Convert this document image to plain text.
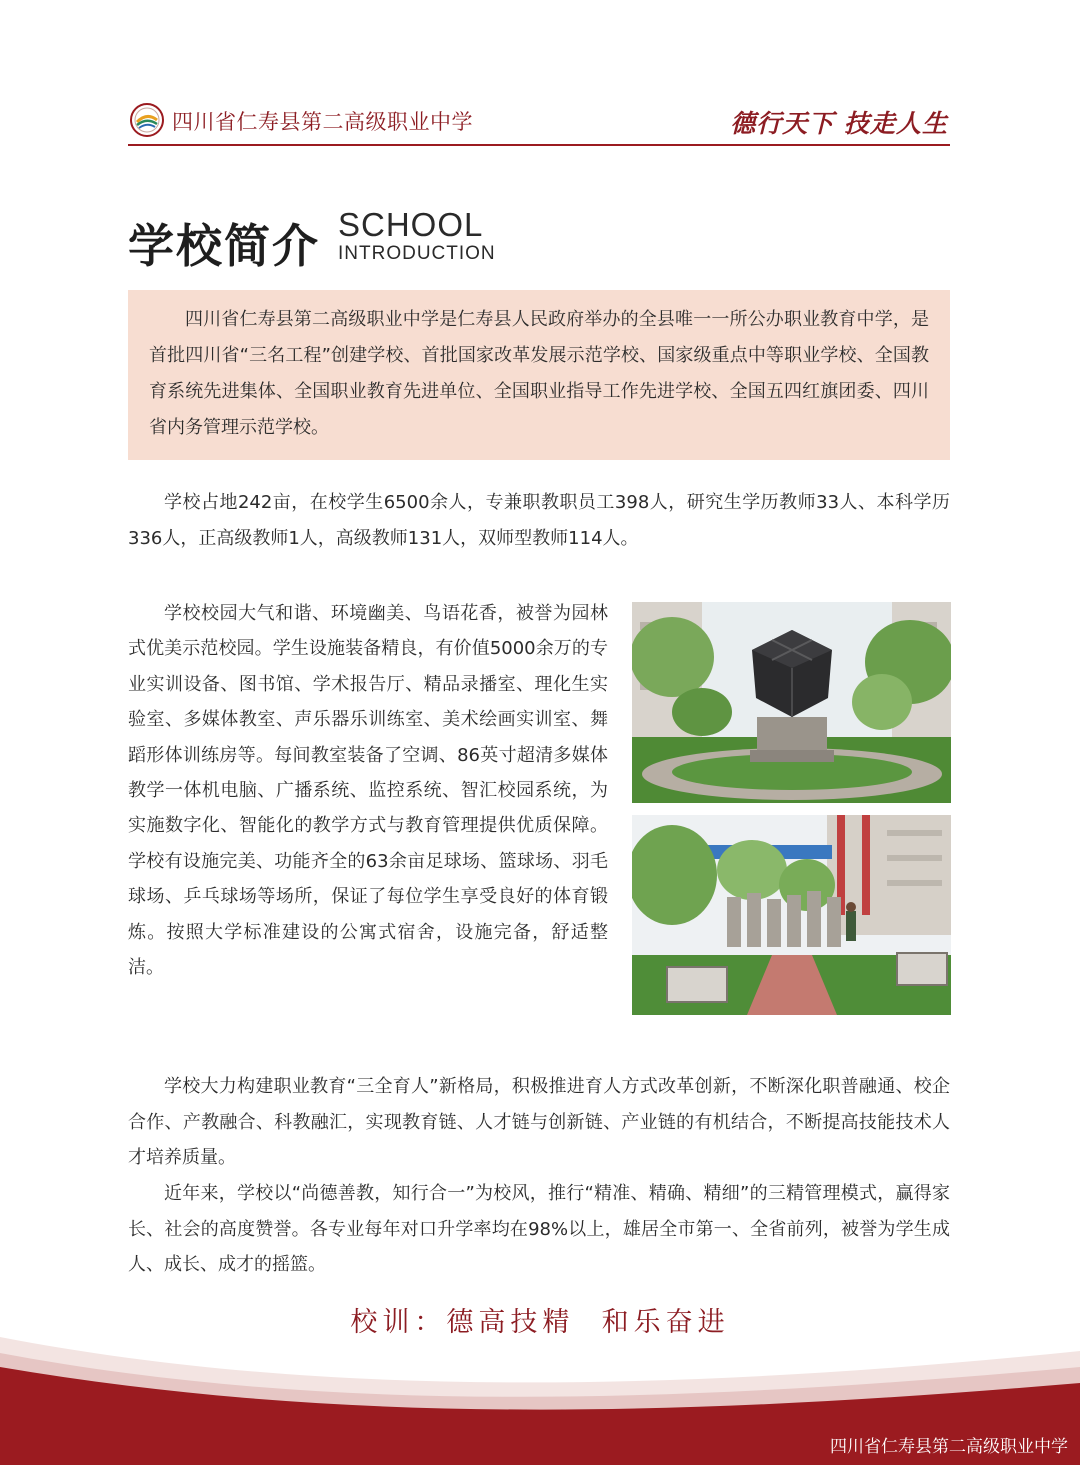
四川省仁寿县第二高级职业中学	德行天下 技走人生
学校简介 SCHOOL
INTRODUCTION

四川省仁寿县第二高级职业中学是仁寿县人民政府举办的全县唯一一所公办职业教育中学，是首批四川省“三名工程”创建学校、首批国家改革发展示范学校、国家级重点中等职业学校、全国教育系统先进集体、全国职业教育先进单位、全国职业指导工作先进学校、全国五四红旗团委、四川省内务管理示范学校。

学校占地242亩，在校学生6500余人，专兼职教职员工398人，研究生学历教师33人、本科学历336人，正高级教师1人，高级教师131人，双师型教师114人。

学校校园大气和谐、环境幽美、鸟语花香，被誉为园林式优美示范校园。学生设施装备精良，有价值5000余万的专业实训设备、图书馆、学术报告厅、精品录播室、理化生实验室、多媒体教室、声乐器乐训练室、美术绘画实训室、舞蹈形体训练房等。每间教室装备了空调、86英寸超清多媒体教学一体机电脑、广播系统、监控系统、智汇校园系统，为实施数字化、智能化的教学方式与教育管理提供优质保障。学校有设施完美、功能齐全的63余亩足球场、篮球场、羽毛球场、乒乓球场等场所，保证了每位学生享受良好的体育锻炼。按照大学标准建设的公寓式宿舍，设施完备，舒适整洁。

学校大力构建职业教育“三全育人”新格局，积极推进育人方式改革创新，不断深化职普融通、校企合作、产教融合、科教融汇，实现教育链、人才链与创新链、产业链的有机结合，不断提高技能技术人才培养质量。

近年来，学校以“尚德善教，知行合一”为校风，推行“精准、精确、精细”的三精管理模式，赢得家长、社会的高度赞誉。各专业每年对口升学率均在98%以上，雄居全市第一、全省前列，被誉为学生成人、成长、成才的摇篮。

校训：德高技精  和乐奋进
四川省仁寿县第二高级职业中学
